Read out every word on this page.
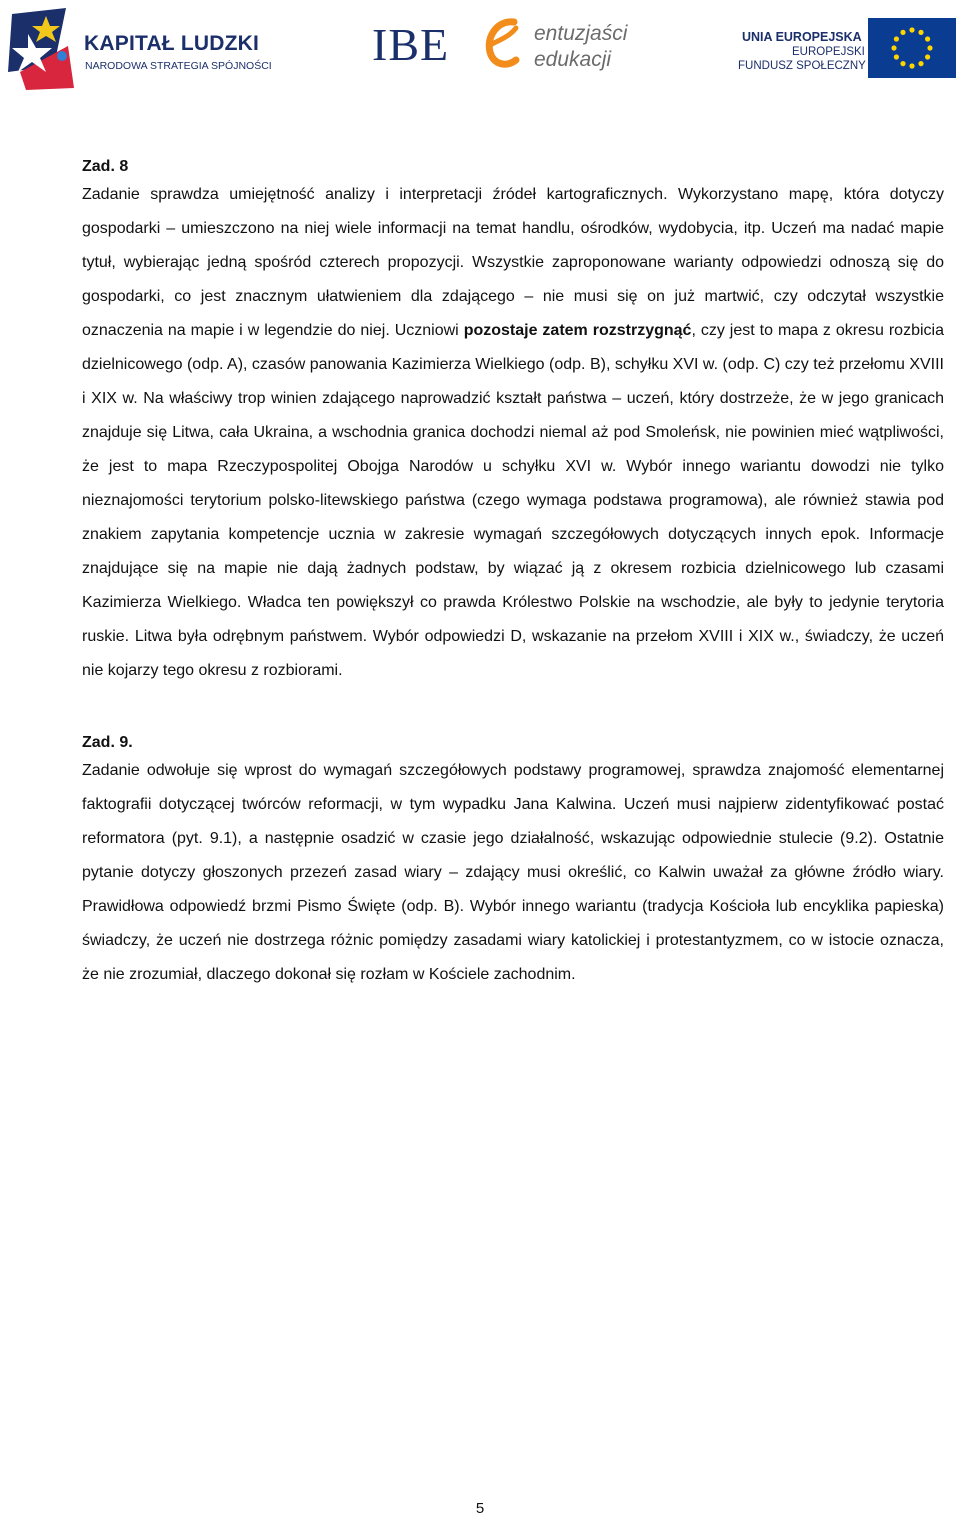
KAPITAŁ LUDZKI
NARODOWA STRATEGIA SPÓJNOŚCI IBE	entuzjaści
edukacji
UNIA EUROPEJSKA
EUROPEJSKI
FUNDUSZ SPOŁECZNY
Zad. 8

Zadanie sprawdza umiejętność analizy i interpretacji źródeł kartograficznych. Wykorzystano mapę, która dotyczy gospodarki – umieszczono na niej wiele informacji na temat handlu, ośrodków, wydobycia, itp. Uczeń ma nadać mapie tytuł, wybierając jedną spośród czterech propozycji. Wszystkie zaproponowane warianty odpowiedzi odnoszą się do gospodarki, co jest znacznym ułatwieniem dla zdającego – nie musi się on już martwić, czy odczytał wszystkie oznaczenia na mapie i w legendzie do niej. Uczniowi pozostaje zatem rozstrzygnąć, czy jest to mapa z okresu rozbicia dzielnicowego (odp. A), czasów panowania Kazimierza Wielkiego (odp. B), schyłku XVI w. (odp. C) czy też przełomu XVIII i XIX w. Na właściwy trop winien zdającego naprowadzić kształt państwa – uczeń, który dostrzeże, że w jego granicach znajduje się Litwa, cała Ukraina, a wschodnia granica dochodzi niemal aż pod Smoleńsk, nie powinien mieć wątpliwości, że jest to mapa Rzeczypospolitej Obojga Narodów u schyłku XVI w. Wybór innego wariantu dowodzi nie tylko nieznajomości terytorium polsko-litewskiego państwa (czego wymaga podstawa programowa), ale również stawia pod znakiem zapytania kompetencje ucznia w zakresie wymagań szczegółowych dotyczących innych epok. Informacje znajdujące się na mapie nie dają żadnych podstaw, by wiązać ją z okresem rozbicia dzielnicowego lub czasami Kazimierza Wielkiego. Władca ten powiększył co prawda Królestwo Polskie na wschodzie, ale były to jedynie terytoria ruskie. Litwa była odrębnym państwem. Wybór odpowiedzi D, wskazanie na przełom XVIII i XIX w., świadczy, że uczeń nie kojarzy tego okresu z rozbiorami.

Zad. 9.

Zadanie odwołuje się wprost do wymagań szczegółowych podstawy programowej, sprawdza znajomość elementarnej faktografii dotyczącej twórców reformacji, w tym wypadku Jana Kalwina. Uczeń musi najpierw zidentyfikować postać reformatora (pyt. 9.1), a następnie osadzić w czasie jego działalność, wskazując odpowiednie stulecie (9.2). Ostatnie pytanie dotyczy głoszonych przezeń zasad wiary – zdający musi określić, co Kalwin uważał za główne źródło wiary. Prawidłowa odpowiedź brzmi Pismo Święte (odp. B). Wybór innego wariantu (tradycja Kościoła lub encyklika papieska) świadczy, że uczeń nie dostrzega różnic pomiędzy zasadami wiary katolickiej i protestantyzmem, co w istocie oznacza, że nie zrozumiał, dlaczego dokonał się rozłam w Kościele zachodnim.

5
